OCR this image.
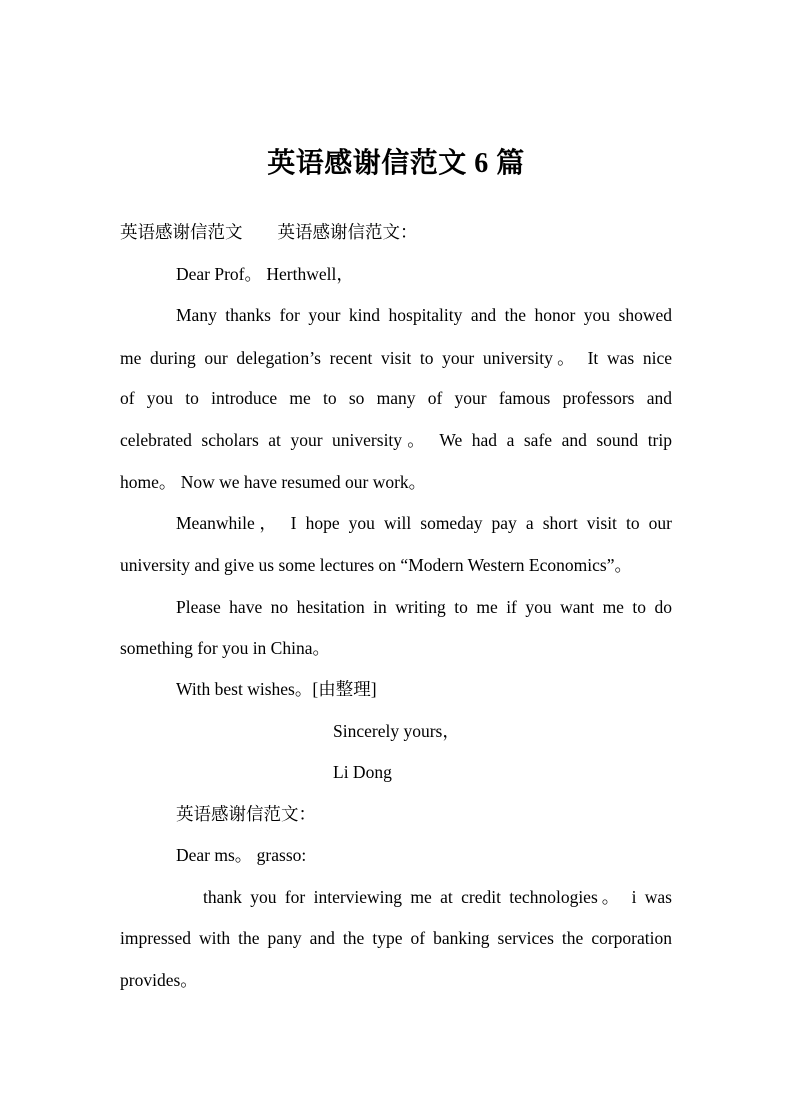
英语感谢信范文 6 篇
英语感谢信范文　　英语感谢信范文：
Dear Prof。 Herthwell，
Many thanks for your kind hospitality and the honor you showed
me during our delegation’s recent visit to your university。 It was nice
of you to introduce me to so many of your famous professors and
celebrated scholars at your university。 We had a safe and sound trip
home。 Now we have resumed our work。
Meanwhile， I hope you will someday pay a short visit to our
university and give us some lectures on “Modern Western Economics”。
Please have no hesitation in writing to me if you want me to do
something for you in China。
With best wishes。[由整理]
Sincerely yours，
Li Dong
英语感谢信范文：
Dear ms。 grasso:
thank you for interviewing me at credit technologies。 i was
impressed with the pany and the type of banking services the corporation
provides。
